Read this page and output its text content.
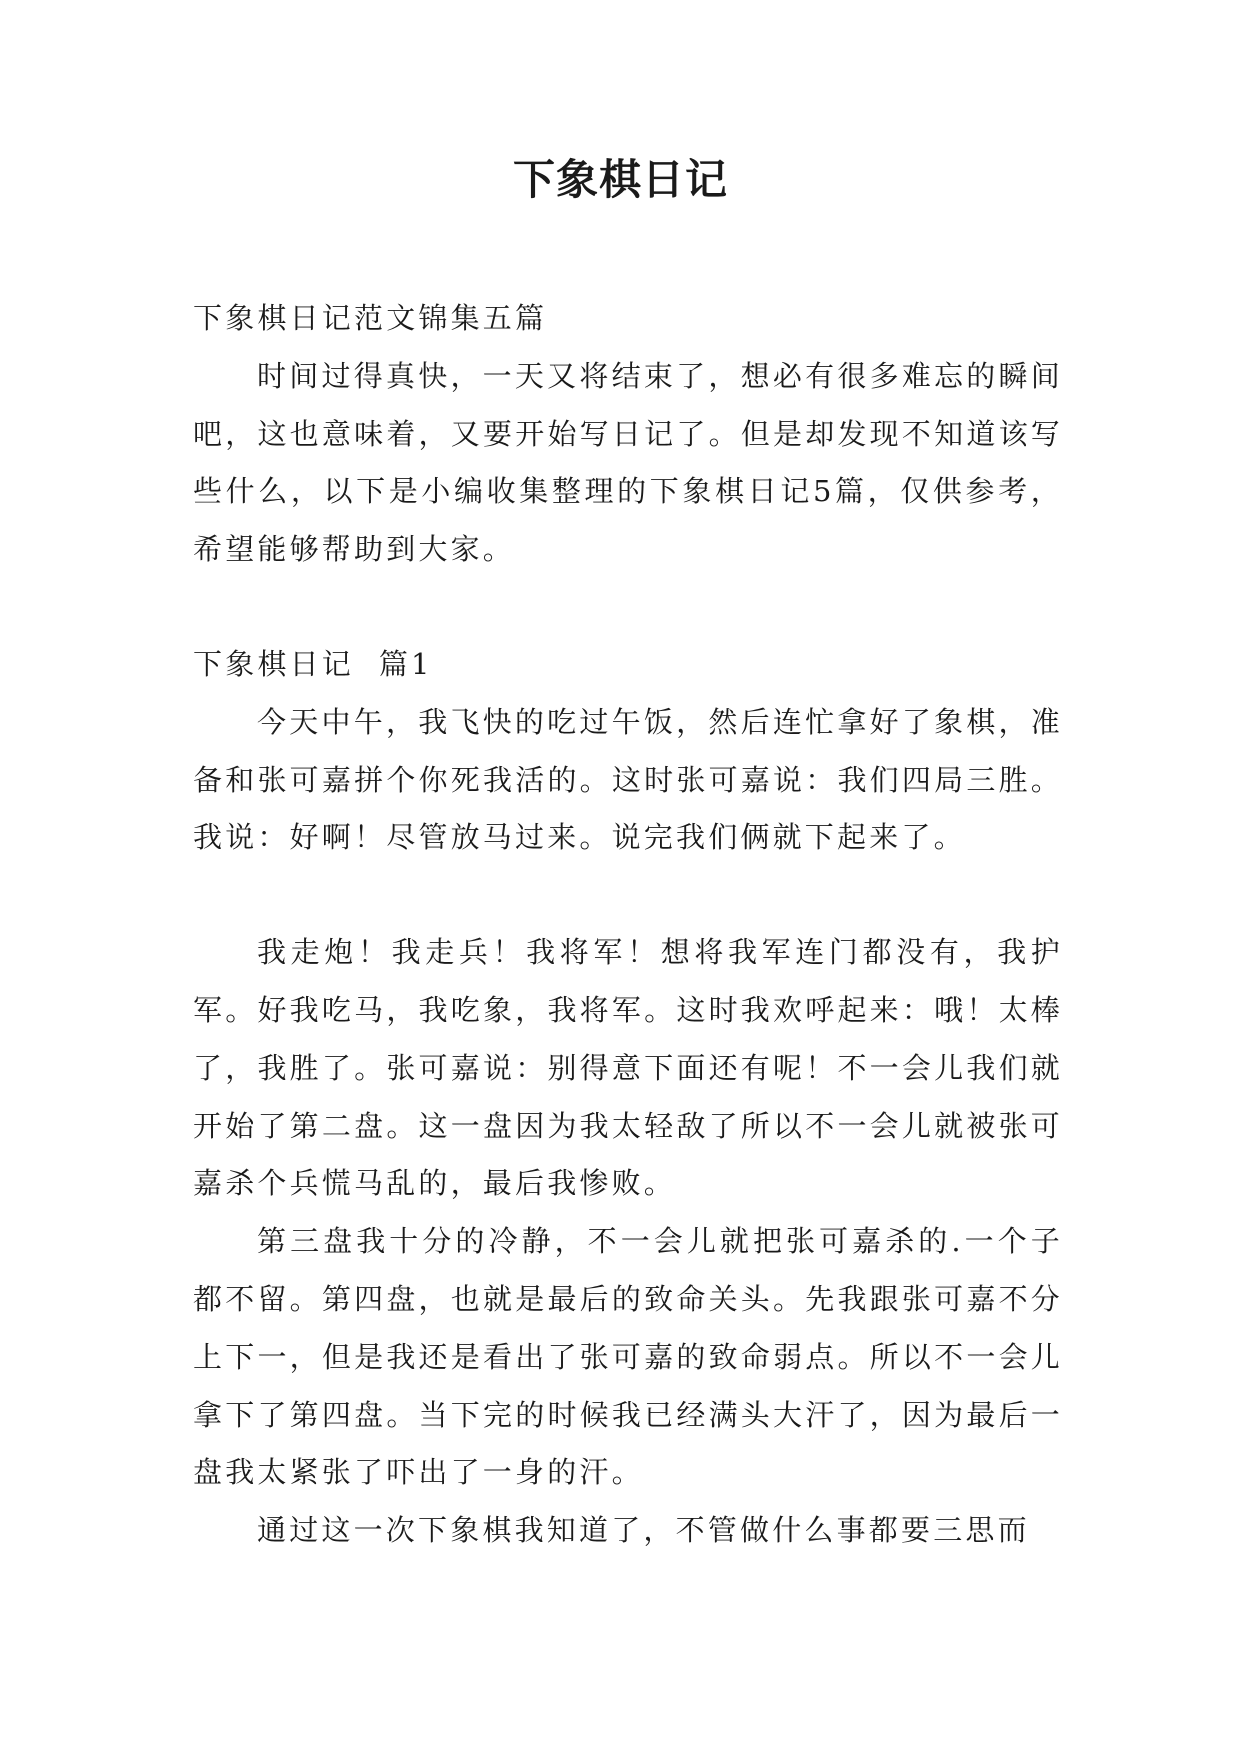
下象棋日记

下象棋日记范文锦集五篇

时间过得真快，一天又将结束了，想必有很多难忘的瞬间吧，这也意味着，又要开始写日记了。但是却发现不知道该写些什么，以下是小编收集整理的下象棋日记5篇，仅供参考，希望能够帮助到大家。

下象棋日记  篇1

今天中午，我飞快的吃过午饭，然后连忙拿好了象棋，准备和张可嘉拼个你死我活的。这时张可嘉说：我们四局三胜。我说：好啊！尽管放马过来。说完我们俩就下起来了。

我走炮！我走兵！我将军！想将我军连门都没有，我护军。好我吃马，我吃象，我将军。这时我欢呼起来：哦！太棒了，我胜了。张可嘉说：别得意下面还有呢！不一会儿我们就开始了第二盘。这一盘因为我太轻敌了所以不一会儿就被张可嘉杀个兵慌马乱的，最后我惨败。

第三盘我十分的冷静，不一会儿就把张可嘉杀的.一个子都不留。第四盘，也就是最后的致命关头。先我跟张可嘉不分上下一，但是我还是看出了张可嘉的致命弱点。所以不一会儿拿下了第四盘。当下完的时候我已经满头大汗了，因为最后一盘我太紧张了吓出了一身的汗。

通过这一次下象棋我知道了，不管做什么事都要三思而
